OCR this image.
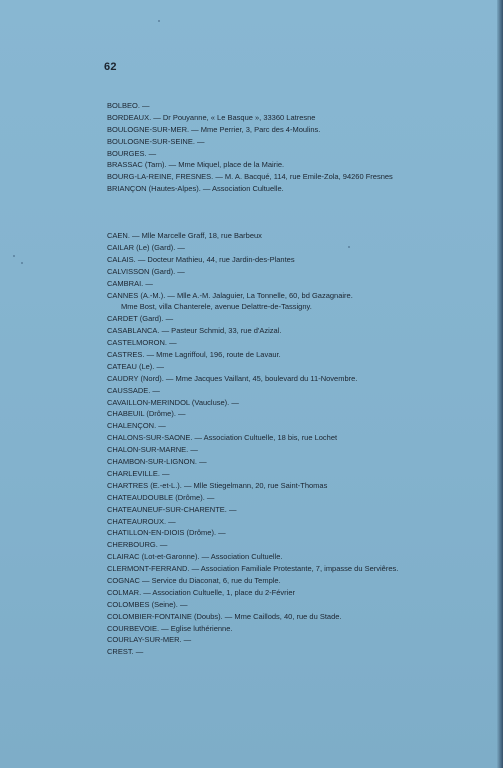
62
BOLBEO. —
BORDEAUX. — Dr Pouyanne, « Le Basque », 33360 Latresne
BOULOGNE-SUR-MER. — Mme Perrier, 3, Parc des 4-Moulins.
BOULOGNE-SUR-SEINE. —
BOURGES. —
BRASSAC (Tarn). — Mme Miquel, place de la Mairie.
BOURG-LA-REINE, FRESNES. — M. A. Bacqué, 114, rue Emile-Zola, 94260 Fresnes
BRIANÇON (Hautes-Alpes). — Association Cultuelle.
CAEN. — Mlle Marcelle Graff, 18, rue Barbeux
CAILAR (Le) (Gard). —
CALAIS. — Docteur Mathieu, 44, rue Jardin-des-Plantes
CALVISSON (Gard). —
CAMBRAI. —
CANNES (A.-M.). — Mlle A.-M. Jalaguier, La Tonnelle, 60, bd Gazagnaire.
Mme Bost, villa Chanterele, avenue Delattre-de-Tassigny.
CARDET (Gard). —
CASABLANCA. — Pasteur Schmid, 33, rue d'Azizal.
CASTELMORON. —
CASTRES. — Mme Lagriffoul, 196, route de Lavaur.
CATEAU (Le). —
CAUDRY (Nord). — Mme Jacques Vaillant, 45, boulevard du 11-Novembre.
CAUSSADE. —
CAVAILLON-MERINDOL (Vaucluse). —
CHABEUIL (Drôme). —
CHALENÇON. —
CHALONS-SUR-SAONE. — Association Cultuelle, 18 bis, rue Lochet
CHALON-SUR-MARNE. —
CHAMBON-SUR-LIGNON. —
CHARLEVILLE. —
CHARTRES (E.-et-L.). — Mlle Stiegelmann, 20, rue Saint-Thomas
CHATEAUDOUBLE (Drôme). —
CHATEAUNEUF-SUR-CHARENTE. —
CHATEAUROUX. —
CHATILLON-EN-DIOIS (Drôme). —
CHERBOURG. —
CLAIRAC (Lot-et-Garonne). — Association Cultuelle.
CLERMONT-FERRAND. — Association Familiale Protestante, 7, impasse du Serviêres.
COGNAC — Service du Diaconat, 6, rue du Temple.
COLMAR. — Association Cultuelle, 1, place du 2-Février
COLOMBES (Seine). —
COLOMBIER-FONTAINE (Doubs). — Mme Caillods, 40, rue du Stade.
COURBEVOIE. — Eglise luthérienne.
COURLAY-SUR-MER. —
CREST. —
